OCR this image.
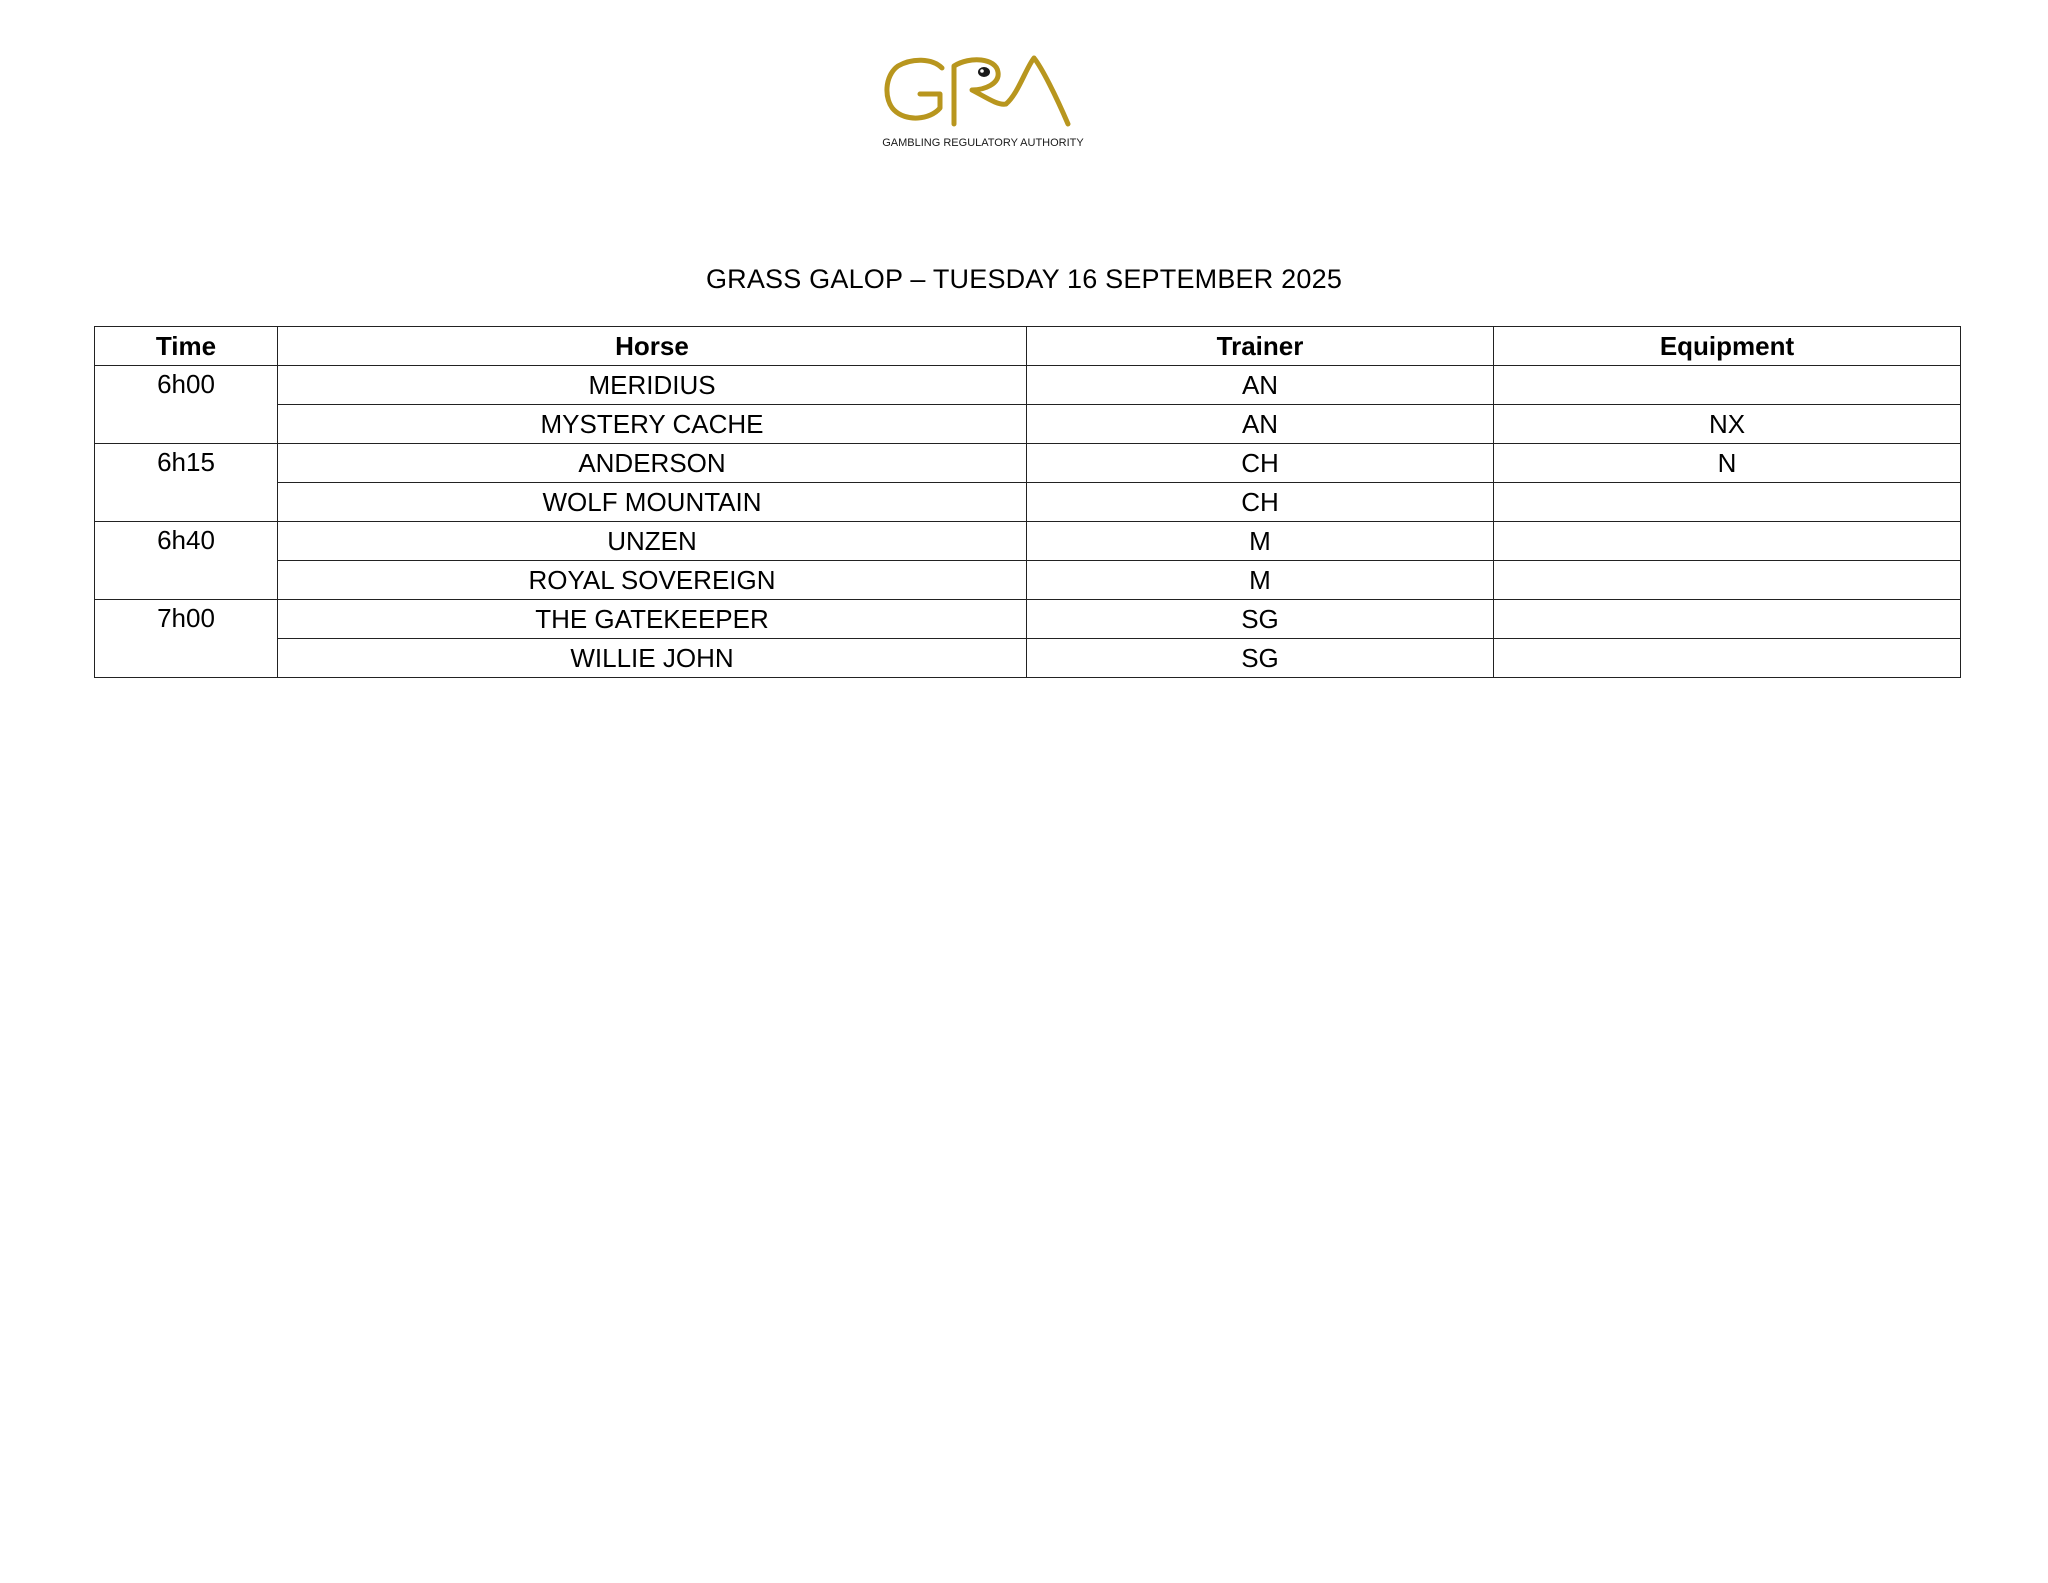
GAMBLING REGULATORY AUTHORITY
GRASS GALOP – TUESDAY 16 SEPTEMBER 2025
Time	Horse	Trainer	Equipment
6h00	MERIDIUS	AN	
	MYSTERY CACHE	AN	NX
6h15	ANDERSON	CH	N
	WOLF MOUNTAIN	CH	
6h40	UNZEN	M	
	ROYAL SOVEREIGN	M	
7h00	THE GATEKEEPER	SG	
	WILLIE JOHN	SG	
